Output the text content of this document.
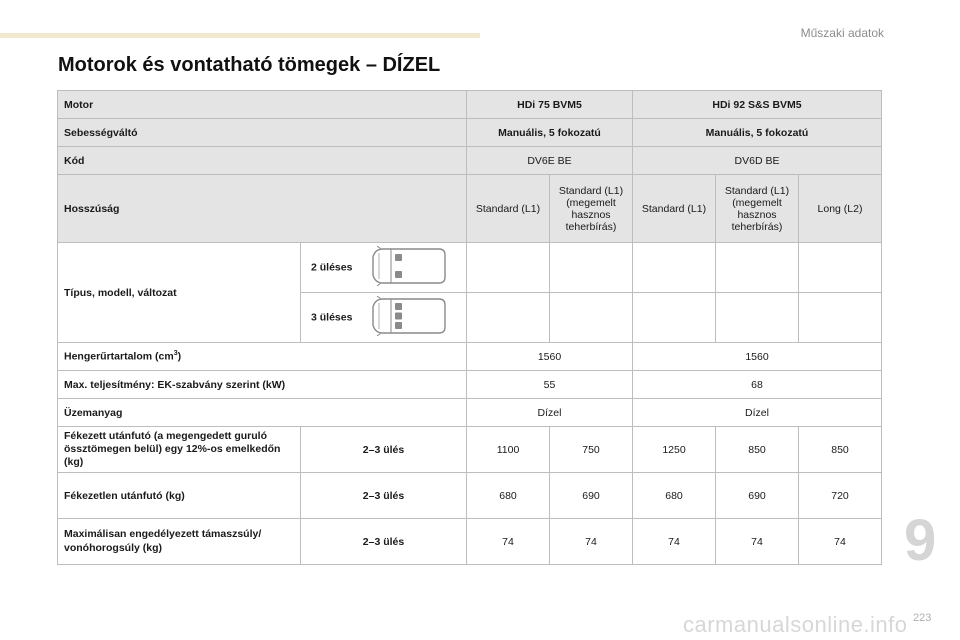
Műszaki adatok
Motorok és vontatható tömegek – DÍZEL
Motor		HDi 75 BVM5		HDi 92 S&S BVM5		
Sebességváltó		Manuális, 5 fokozatú		Manuális, 5 fokozatú		
Kód		DV6E BE		DV6D BE		
Hosszúság		Standard (L1)	Standard (L1) (megemelt hasznos teherbírás)	Standard (L1)	Standard (L1) (megemelt hasznos teherbírás)	Long (L2)
Típus, modell, változat	2 üléses					
	3 üléses					
Hengerűrtartalom $(cm^3)$		1560		1560		
Max. teljesítmény: EK-szabvány szerint (kW)		55		68		
Üzemanyag		Dízel		Dízel		
Fékezett utánfutó (a megengedett guruló össztömegen belül) egy 12%-os emelkedőn (kg)	2–3 ülés	1100	750	1250	850	850
Fékezetlen utánfutó (kg)	2–3 ülés	680	690	680	690	720
Maximálisan engedélyezett támaszsúly/ vonóhorogsúly (kg)	2–3 ülés	74	74	74	74	74 9
carmanualsonline.info 223
